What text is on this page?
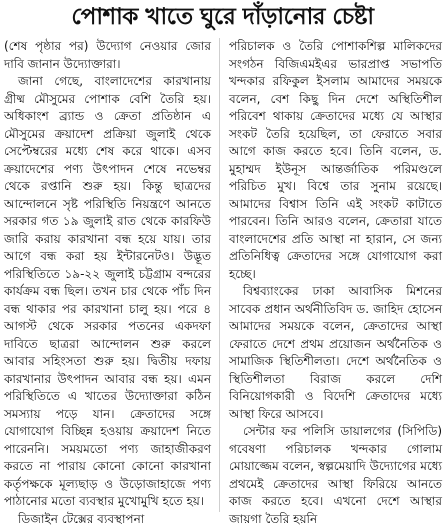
পোশাক খাতে ঘুরে দাঁড়ানোর চেষ্টা

(শেষ পৃষ্ঠার পর) উদ্যোগ নেওয়ার জোর দাবি জানান উদ্যোক্তারা।

জানা গেছে, বাংলাদেশের কারখানায় গ্রীষ্ম মৌসুমের পোশাক বেশি তৈরি হয়। অধিকাংশ ব্র্যান্ড ও ক্রেতা প্রতিষ্ঠান এ মৌসুমের ক্রয়াদেশ প্রক্রিয়া জুলাই থেকে সেপ্টেম্বরের মধ্যে শেষ করে থাকে। এসব ক্রয়াদেশের পণ্য উৎপাদন শেষে নভেম্বর থেকে রপ্তানি শুরু হয়। কিন্তু ছাত্রদের আন্দোলনে সৃষ্ট পরিস্থিতি নিয়ন্ত্রণে আনতে সরকার গত ১৯ জুলাই রাত থেকে কারফিউ জারি করায় কারখানা বন্ধ হয়ে যায়। তার আগে বন্ধ করা হয় ইন্টারনেটও। উদ্ভূত পরিস্থিতিতে ১৯-২২ জুলাই চট্টগ্রাম বন্দরের কার্যক্রম বন্ধ ছিল। তখন চার থেকে পাঁচ দিন বন্ধ থাকার পর কারখানা চালু হয়। পরে ৪ আগস্ট থেকে সরকার পতনের একদফা দাবিতে ছাত্ররা আন্দোলন শুরু করলে আবার সহিংসতা শুরু হয়। দ্বিতীয় দফায় কারখানার উৎপাদন আবার বন্ধ হয়। এমন পরিস্থিতিতে এ খাতের উদ্যোক্তারা কঠিন সমস্যায় পড়ে যান। ক্রেতাদের সঙ্গে যোগাযোগ বিচ্ছিন্ন হওয়ায় ক্রয়াদেশ নিতে পারেননি। সময়মতো পণ্য জাহাজীকরণ করতে না পারায় কোনো কোনো কারখানা কর্তৃপক্ষকে মূল্যছাড় ও উড়োজাহাজে পণ্য পাঠানোর মতো ব্যবস্থার মুখোমুখি হতে হয়।

ডিজাইন টেক্সের ব্যবস্থাপনা

পরিচালক ও তৈরি পোশাকশিল্প মালিকদের সংগঠন বিজিএমইএর ভারপ্রাপ্ত সভাপতি খন্দকার রফিকুল ইসলাম আমাদের সময়কে বলেন, বেশ কিছু দিন দেশে অস্থিতিশীল পরিবেশ থাকায় ক্রেতাদের মধ্যে যে আস্থার সংকট তৈরি হয়েছিল, তা ফেরাতে সবার আগে কাজ করতে হবে। তিনি বলেন, ড. মুহাম্মদ ইউনূস আন্তর্জাতিক পরিমণ্ডলে পরিচিত মুখ। বিশ্বে তার সুনাম রয়েছে। আমাদের বিশ্বাস তিনি এই সংকট কাটাতে পারবেন। তিনি আরও বলেন, ক্রেতারা যাতে বাংলাদেশের প্রতি আস্থা না হারান, সে জন্য প্রতিনিধিত্ব ক্রেতাদের সঙ্গে যোগাযোগ করা হচ্ছে।

বিশ্বব্যাংকের ঢাকা আবাসিক মিশনের সাবেক প্রধান অর্থনীতিবিদ ড. জাহিদ হোসেন আমাদের সময়কে বলেন, ক্রেতাদের আস্থা ফেরাতে দেশে প্রথম প্রয়োজন অর্থনৈতিক ও সামাজিক স্থিতিশীলতা। দেশে অর্থনৈতিক ও স্থিতিশীলতা বিরাজ করলে দেশি বিনিয়োগকারী ও বিদেশি ক্রেতাদের মধ্যে আস্থা ফিরে আসবে।

সেন্টার ফর পলিসি ডায়ালগের (সিপিডি) গবেষণা পরিচালক খন্দকার গোলাম মোয়াজ্জেম বলেন, স্বল্পমেয়াদি উদ্যোগের মধ্যে প্রথমেই ক্রেতাদের আস্থা ফিরিয়ে আনতে কাজ করতে হবে। এখনো দেশে আস্থার জায়গা তৈরি হয়নি
